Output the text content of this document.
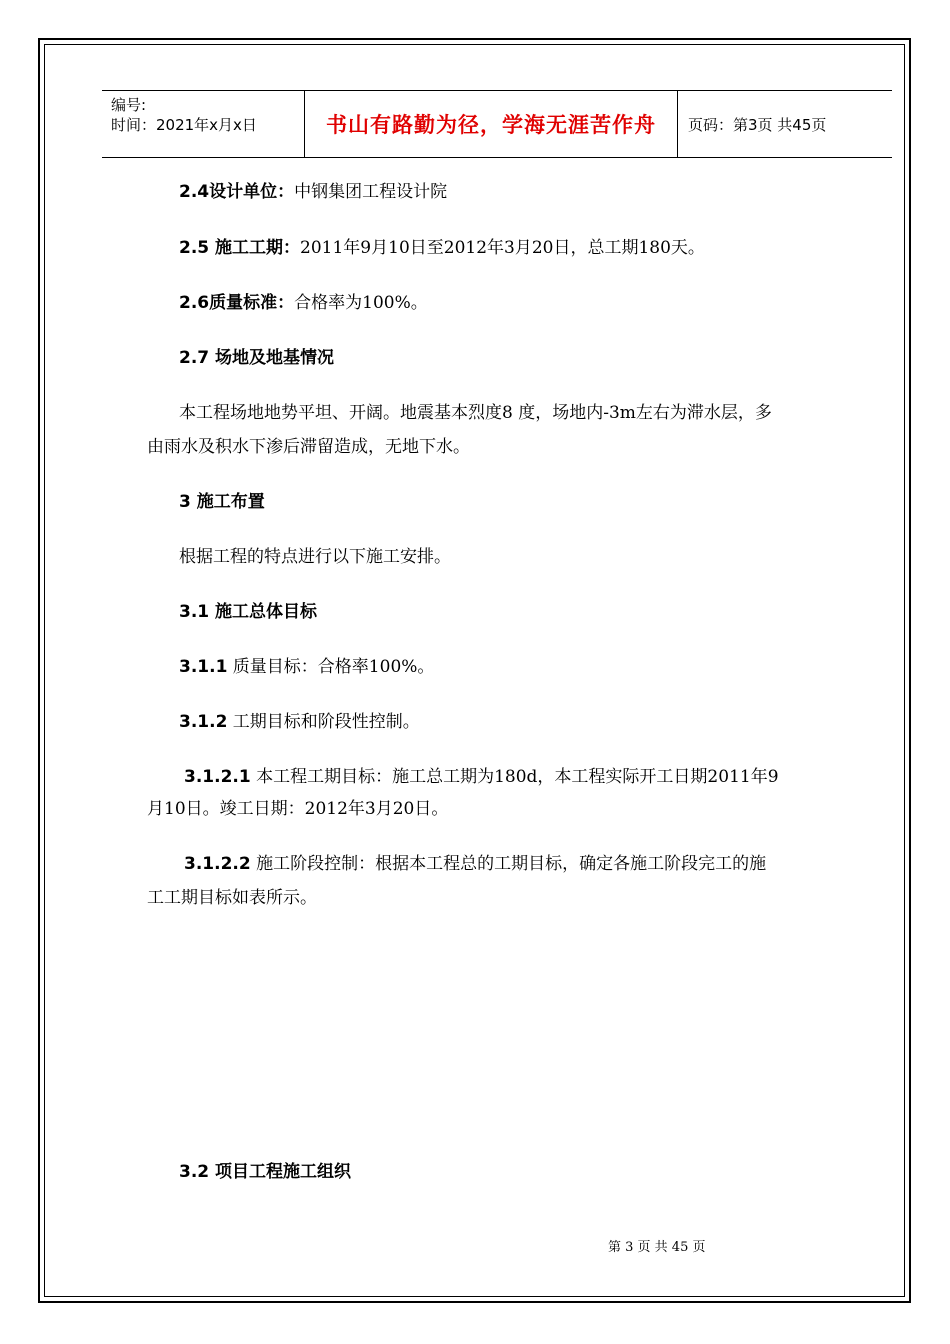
编号:
时间：2021年x月x日	书山有路勤为径，学海无涯苦作舟 页码：第3页 共45页
2.4设计单位：中钢集团工程设计院
2.5 施工工期：2011年9月10日至2012年3月20日，总工期180天。
2.6质量标准：合格率为100%。
2.7 场地及地基情况
本工程场地地势平坦、开阔。地震基本烈度8 度，场地内-3m左右为滞水层，多
由雨水及积水下渗后滞留造成，无地下水。
3 施工布置
根据工程的特点进行以下施工安排。
3.1 施工总体目标
3.1.1 质量目标：合格率100%。
3.1.2 工期目标和阶段性控制。
3.1.2.1 本工程工期目标：施工总工期为180d，本工程实际开工日期2011年9
月10日。竣工日期：2012年3月20日。
3.1.2.2 施工阶段控制：根据本工程总的工期目标，确定各施工阶段完工的施
工工期目标如表所示。
3.2 项目工程施工组织
第 3 页 共 45 页
